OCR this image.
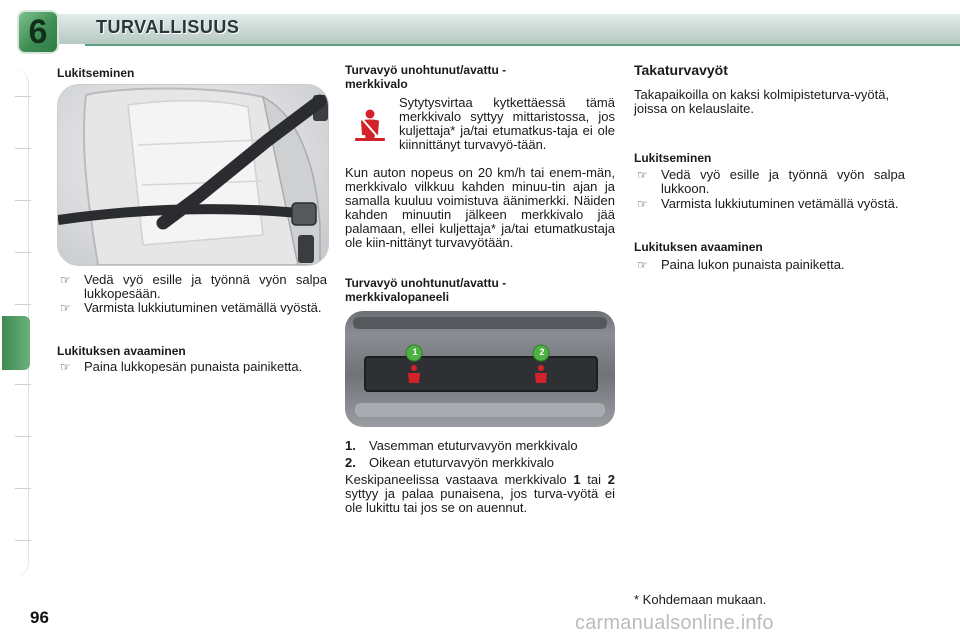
6	TURVALLISUUS
Lukitseminen
☞ Vedä vyö esille ja työnnä vyön salpa lukkopesään.
☞ Varmista lukkiutuminen vetämällä vyöstä.
Lukituksen avaaminen
☞ Paina lukkopesän punaista painiketta.
Turvavyö unohtunut/avattu - merkkivalo
Sytytysvirtaa kytkettäessä tämä merkkivalo syttyy mittaristossa, jos kuljettaja* ja/tai etumatkus-taja ei ole kiinnittänyt turvavyö-tään.
Kun auton nopeus on 20 km/h tai enem-män, merkkivalo vilkkuu kahden minuu-tin ajan ja samalla kuuluu voimistuva äänimerkki. Näiden kahden minuutin jälkeen merkkivalo jää palamaan, ellei kuljettaja* ja/tai etumatkustaja ole kiin-nittänyt turvavyötään.
Turvavyö unohtunut/avattu - merkkivalopaneeli
1	2
1. Vasemman etuturvavyön merkkivalo
2. Oikean etuturvavyön merkkivalo
Keskipaneelissa vastaava merkkivalo 1 tai 2 syttyy ja palaa punaisena, jos turva-vyötä ei ole lukittu tai jos se on auennut.
Takaturvavyöt
Takapaikoilla on kaksi kolmipisteturva-vyötä, joissa on kelauslaite.
Lukitseminen
☞ Vedä vyö esille ja työnnä vyön salpa lukkoon.
☞ Varmista lukkiutuminen vetämällä vyöstä.
Lukituksen avaaminen
☞ Paina lukon punaista painiketta.
* Kohdemaan mukaan.
96	carmanualsonline.info
